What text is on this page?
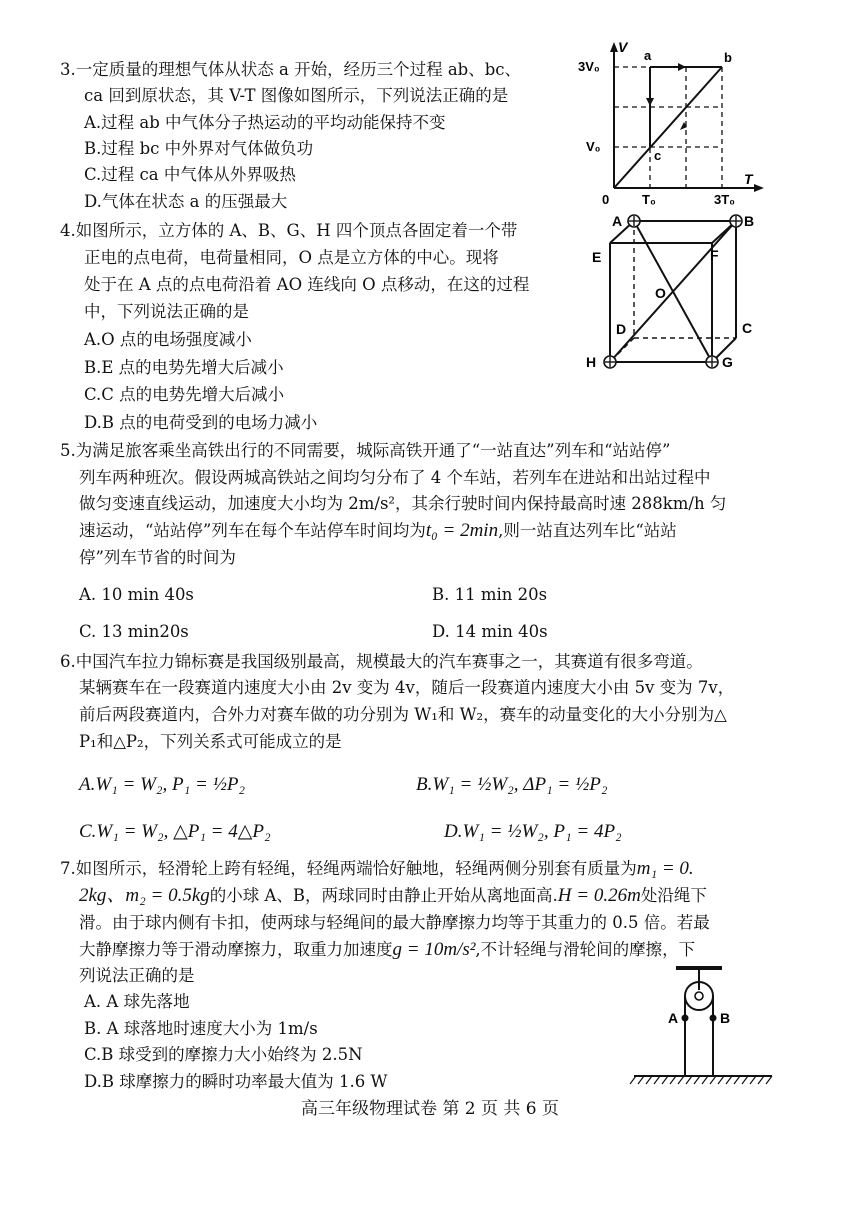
3.一定质量的理想气体从状态 a 开始，经历三个过程 ab、bc、
ca 回到原状态，其 V-T 图像如图所示，下列说法正确的是
A.过程 ab 中气体分子热运动的平均动能保持不变
B.过程 bc 中外界对气体做负功
C.过程 ca 中气体从外界吸热
D.气体在状态 a 的压强最大
V
T
0
3V₀
V₀
T₀	3T₀
a	b
c
4.如图所示，立方体的 A、B、G、H 四个顶点各固定着一个带
正电的点电荷，电荷量相同，O 点是立方体的中心。现将
处于在 A 点的点电荷沿着 AO 连线向 O 点移动，在这的过程
中，下列说法正确的是
A.O 点的电场强度减小
B.E 点的电势先增大后减小
C.C 点的电势先增大后减小
D.B 点的电荷受到的电场力减小
A	B
E	F
O
D	C
H	G
5.为满足旅客乘坐高铁出行的不同需要，城际高铁开通了“一站直达”列车和“站站停”
列车两种班次。假设两城高铁站之间均匀分布了 4 个车站，若列车在进站和出站过程中
做匀变速直线运动，加速度大小均为 2m/s²，其余行驶时间内保持最高时速 288km/h 匀
速运动，“站站停”列车在每个车站停车时间均为t₀ = 2min,则一站直达列车比“站站
停”列车节省的时间为
A. 10 min 40s	B. 11 min 20s
C. 13 min20s	D. 14 min 40s
6.中国汽车拉力锦标赛是我国级别最高，规模最大的汽车赛事之一，其赛道有很多弯道。
某辆赛车在一段赛道内速度大小由 2v 变为 4v，随后一段赛道内速度大小由 5v 变为 7v，
前后两段赛道内，合外力对赛车做的功分别为 W₁和 W₂，赛车的动量变化的大小分别为△
P₁和△P₂，下列关系式可能成立的是
A.W₁ = W₂, P₁ = ½P₂	B.W₁ = ½W₂, ΔP₁ = ½P₂
C.W₁ = W₂, △P₁ = 4△P₂	D.W₁ = ½W₂, P₁ = 4P₂
7.如图所示，轻滑轮上跨有轻绳，轻绳两端恰好触地，轻绳两侧分别套有质量为m₁ = 0.
2kg、m₂ = 0.5kg的小球 A、B，两球同时由静止开始从离地面高.H = 0.26m处沿绳下
滑。由于球内侧有卡扣，使两球与轻绳间的最大静摩擦力均等于其重力的 0.5 倍。若最
大静摩擦力等于滑动摩擦力，取重力加速度g = 10m/s²,不计轻绳与滑轮间的摩擦，下
列说法正确的是
A. A 球先落地
B. A 球落地时速度大小为 1m/s
C.B 球受到的摩擦力大小始终为 2.5N
D.B 球摩擦力的瞬时功率最大值为 1.6 W
A	B
高三年级物理试卷 第 2 页 共 6 页
